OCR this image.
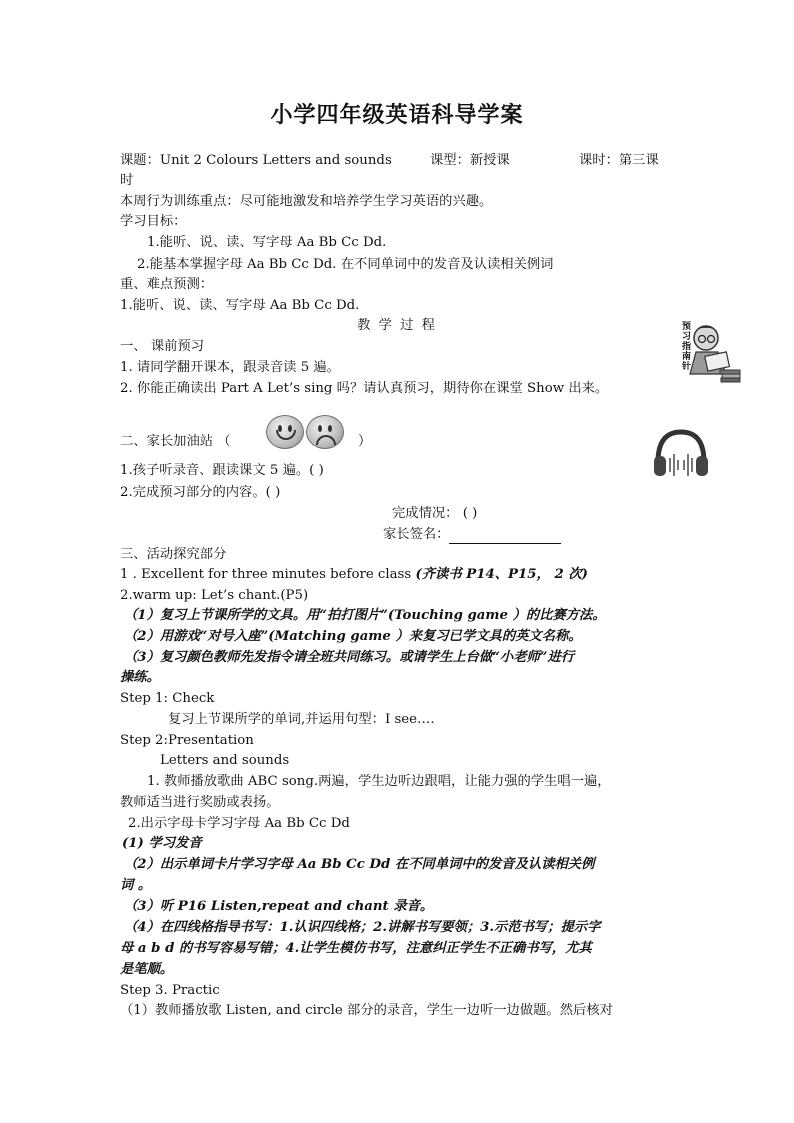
小学四年级英语科导学案
课题：Unit 2 Colours Letters and sounds	课型：新授课	课时：第三课
时
本周行为训练重点：尽可能地激发和培养学生学习英语的兴趣。
学习目标：
1.能听、说、读、写字母 Aa Bb Cc Dd.
2.能基本掌握字母 Aa Bb Cc Dd. 在不同单词中的发音及认读相关例词
重、难点预测：
1.能听、说、读、写字母 Aa Bb Cc Dd.
教 学 过 程	预习指南针
一、 课前预习
1. 请同学翻开课本，跟录音读 5 遍。
2. 你能正确读出 Part A Let’s sing 吗？请认真预习，期待你在课堂 Show 出来。
二、家长加油站 （	）
1.孩子听录音、跟读课文 5 遍。( )
2.完成预习部分的内容。( )
完成情况： ( )
家长签名：
三、活动探究部分
1 . Excellent for three minutes before class (齐读书 P14、P15， 2 次)
2.warm up: Let’s chant.(P5)
（1）复习上节课所学的文具。用“拍打图片”(Touching game ）的比赛方法。
（2）用游戏“对号入座”(Matching game ）来复习已学文具的英文名称。
（3）复习颜色教师先发指令请全班共同练习。或请学生上台做“小老师”进行
操练。
Step 1: Check
复习上节课所学的单词,并运用句型：I see….
Step 2:Presentation
Letters and sounds
1. 教师播放歌曲 ABC song.两遍，学生边听边跟唱，让能力强的学生唱一遍，
教师适当进行奖励或表扬。
2.出示字母卡学习字母 Aa Bb Cc Dd
(1) 学习发音
（2）出示单词卡片学习字母 Aa Bb Cc Dd 在不同单词中的发音及认读相关例
词 。
（3）听 P16 Listen,repeat and chant 录音。
（4）在四线格指导书写：1.认识四线格；2.讲解书写要领；3.示范书写；提示字
母 a b d 的书写容易写错；4.让学生模仿书写，注意纠正学生不正确书写，尤其
是笔顺。
Step 3. Practic
（1）教师播放歌 Listen, and circle 部分的录音，学生一边听一边做题。然后核对
